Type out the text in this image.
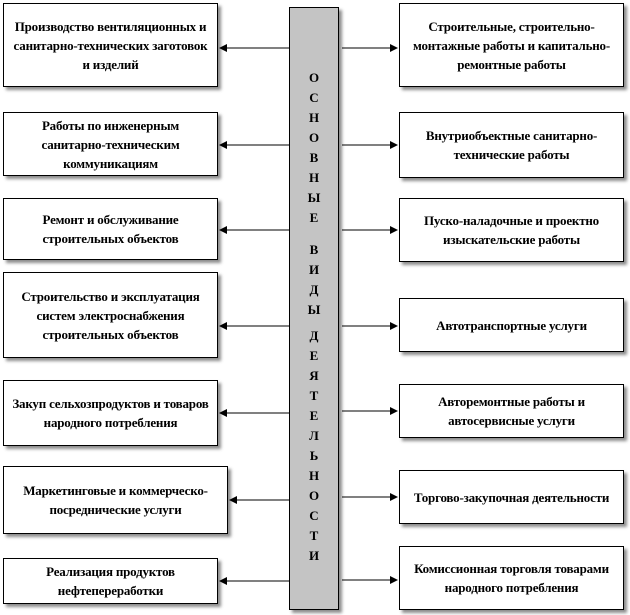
О
С
Н
О
В
Н
Ы
Е
В
И
Д
Ы
Д
Е
Я
Т
Е
Л
Ь
Н
О
С
Т
И
Производство вентиляционных и санитарно-технических заготовок и изделий
Работы по инженерным санитарно-техническим коммуникациям
Ремонт и обслуживание строительных объектов
Строительство и эксплуатация систем электроснабжения строительных объектов
Закуп сельхозпродуктов и товаров народного потребления
Маркетинговые и коммерческо-посреднические услуги
Реализация продуктов нефтепереработки
Строительные, строительно-монтажные работы и капитально-ремонтные работы
Внутриобъектные санитарно-технические работы
Пуско-наладочные и проектно изыскательские работы
Автотранспортные услуги
Авторемонтные работы и автосервисные услуги
Торгово-закупочная деятельности
Комиссионная торговля товарами народного потребления
